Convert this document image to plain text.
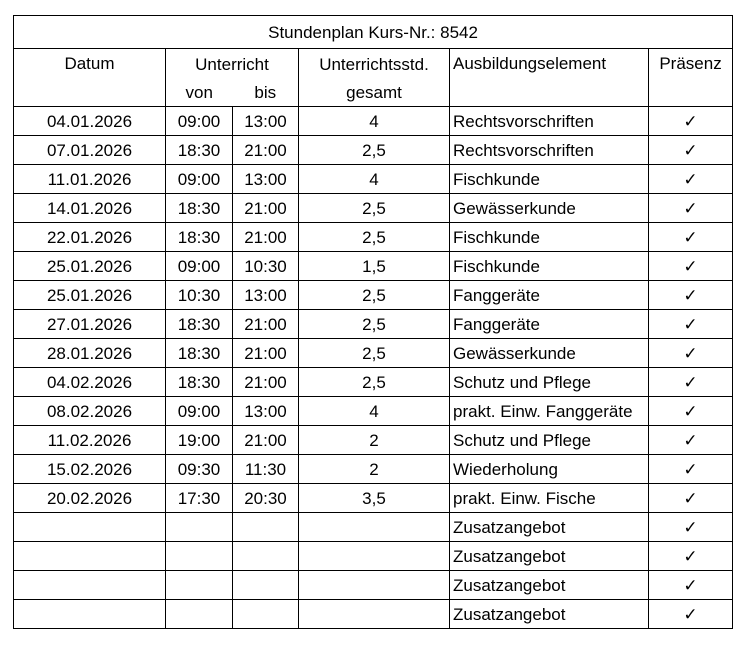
Stundenplan Kurs-Nr.: 8542					
Datum	Unterricht		Unterrichtsstd.	Ausbildungselement	Präsenz
	von	bis	gesamt		
04.01.2026	09:00	13:00	4	Rechtsvorschriften	✓
07.01.2026	18:30	21:00	2,5	Rechtsvorschriften	✓
11.01.2026	09:00	13:00	4	Fischkunde	✓
14.01.2026	18:30	21:00	2,5	Gewässerkunde	✓
22.01.2026	18:30	21:00	2,5	Fischkunde	✓
25.01.2026	09:00	10:30	1,5	Fischkunde	✓
25.01.2026	10:30	13:00	2,5	Fanggeräte	✓
27.01.2026	18:30	21:00	2,5	Fanggeräte	✓
28.01.2026	18:30	21:00	2,5	Gewässerkunde	✓
04.02.2026	18:30	21:00	2,5	Schutz und Pflege	✓
08.02.2026	09:00	13:00	4	prakt. Einw. Fanggeräte	✓
11.02.2026	19:00	21:00	2	Schutz und Pflege	✓
15.02.2026	09:30	11:30	2	Wiederholung	✓
20.02.2026	17:30	20:30	3,5	prakt. Einw. Fische	✓
				Zusatzangebot	✓
				Zusatzangebot	✓
				Zusatzangebot	✓
				Zusatzangebot	✓
